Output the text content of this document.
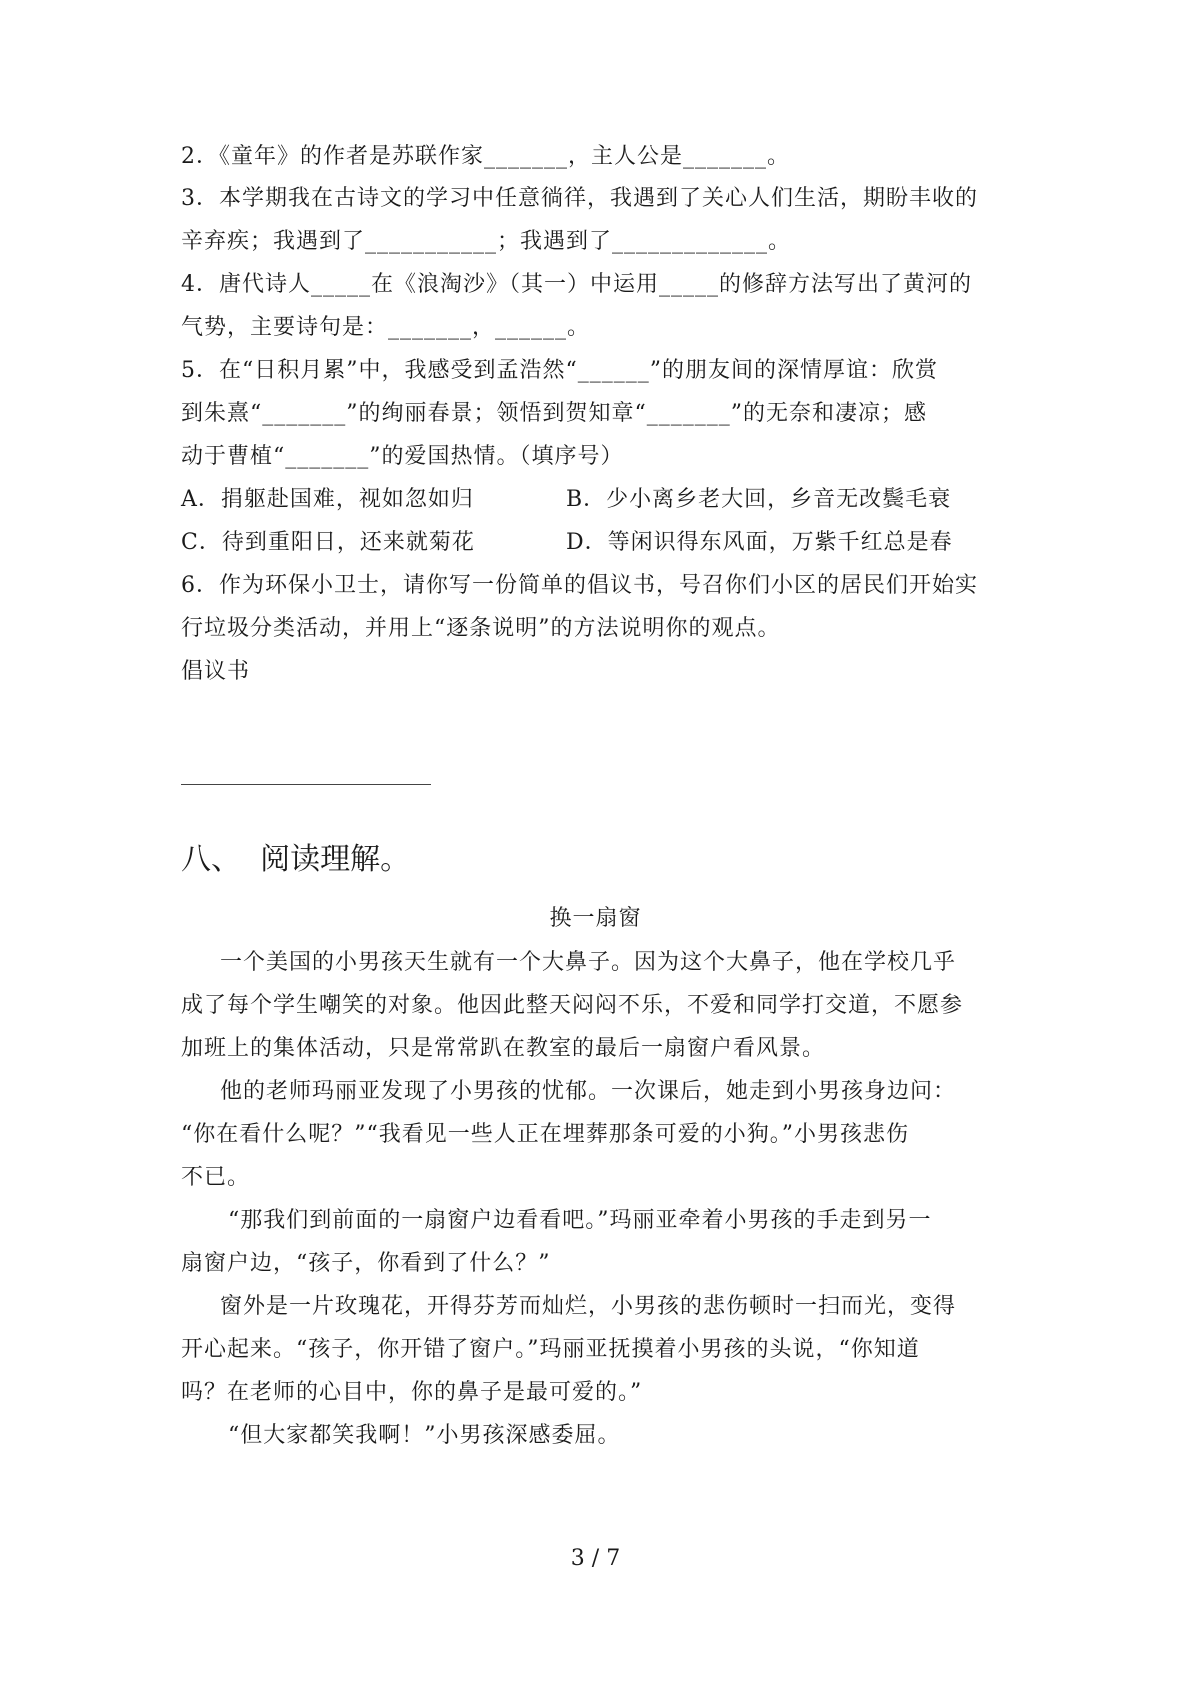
2．《童年》的作者是苏联作家_______，主人公是_______。
3．本学期我在古诗文的学习中任意徜徉，我遇到了关心人们生活，期盼丰收的
辛弃疾；我遇到了___________；我遇到了_____________。
4．唐代诗人_____在《浪淘沙》（其一）中运用_____的修辞方法写出了黄河的
气势，主要诗句是：_______，______。
5．在“日积月累”中，我感受到孟浩然“______”的朋友间的深情厚谊：欣赏
到朱熹“_______”的绚丽春景；领悟到贺知章“_______”的无奈和凄凉；感
动于曹植“_______”的爱国热情。（填序号）
A．捐躯赴国难，视如忽如归	B．少小离乡老大回，乡音无改鬓毛衰
C．待到重阳日，还来就菊花	D．等闲识得东风面，万紫千红总是春
6．作为环保小卫士，请你写一份简单的倡议书，号召你们小区的居民们开始实
行垃圾分类活动，并用上“逐条说明”的方法说明你的观点。
倡议书
八、  阅读理解。
换一扇窗
一个美国的小男孩天生就有一个大鼻子。因为这个大鼻子，他在学校几乎
成了每个学生嘲笑的对象。他因此整天闷闷不乐，不爱和同学打交道，不愿参
加班上的集体活动，只是常常趴在教室的最后一扇窗户看风景。
他的老师玛丽亚发现了小男孩的忧郁。一次课后，她走到小男孩身边问：
“你在看什么呢？”“我看见一些人正在埋葬那条可爱的小狗。”小男孩悲伤
不已。
“那我们到前面的一扇窗户边看看吧。”玛丽亚牵着小男孩的手走到另一
扇窗户边，“孩子，你看到了什么？”
窗外是一片玫瑰花，开得芬芳而灿烂，小男孩的悲伤顿时一扫而光，变得
开心起来。“孩子，你开错了窗户。”玛丽亚抚摸着小男孩的头说，“你知道
吗？在老师的心目中，你的鼻子是最可爱的。”
“但大家都笑我啊！”小男孩深感委屈。
3 / 7
